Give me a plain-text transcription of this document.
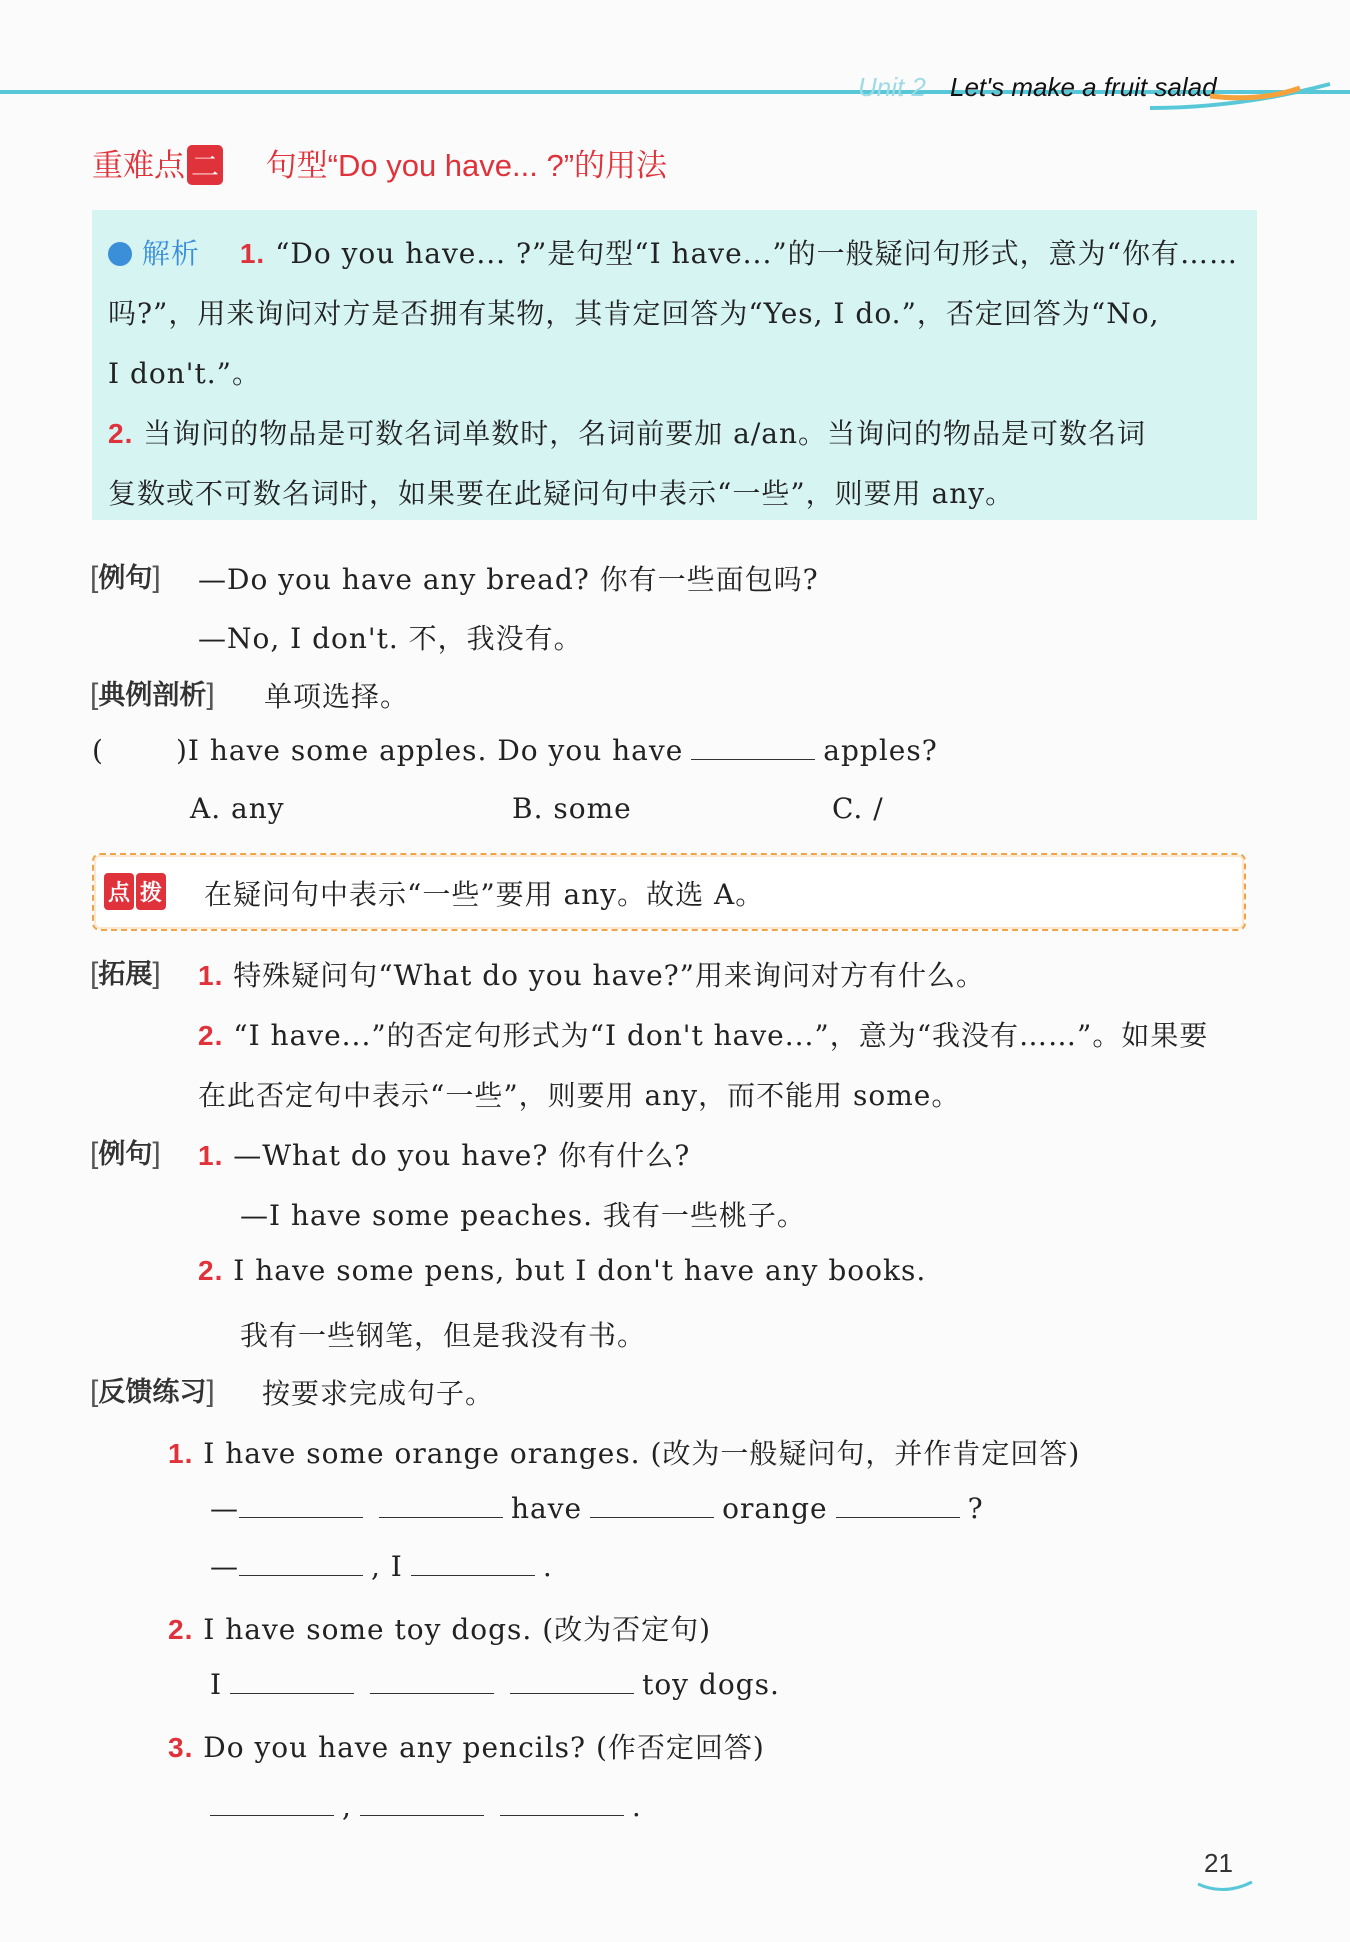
Unit 2 Let's make a fruit salad
重难点 二 句型“Do you have... ?”的用法
解析 1. “Do you have... ?”是句型“I have...”的一般疑问句形式，意为“你有……
吗?”，用来询问对方是否拥有某物，其肯定回答为“Yes, I do.”，否定回答为“No,
I don't.”。
2. 当询问的物品是可数名词单数时，名词前要加 a/an。当询问的物品是可数名词
复数或不可数名词时，如果要在此疑问句中表示“一些”，则要用 any。
[例句] —Do you have any bread? 你有一些面包吗?
—No, I don't. 不，我没有。
[典例剖析] 单项选择。
(	)I have some apples. Do you have	apples?
A. any	B. some	C. /
点 拨 在疑问句中表示“一些”要用 any。故选 A。
[拓展] 1. 特殊疑问句“What do you have?”用来询问对方有什么。
2. “I have...”的否定句形式为“I don't have...”，意为“我没有……”。如果要
在此否定句中表示“一些”，则要用 any，而不能用 some。
[例句] 1. —What do you have? 你有什么?
—I have some peaches. 我有一些桃子。
2. I have some pens, but I don't have any books.
我有一些钢笔，但是我没有书。
[反馈练习] 按要求完成句子。
1. I have some orange oranges. (改为一般疑问句，并作肯定回答)
—	have	orange	?
—	, I	.
2. I have some toy dogs. (改为否定句)
I	toy dogs.
3. Do you have any pencils? (作否定回答)
,	.
21
